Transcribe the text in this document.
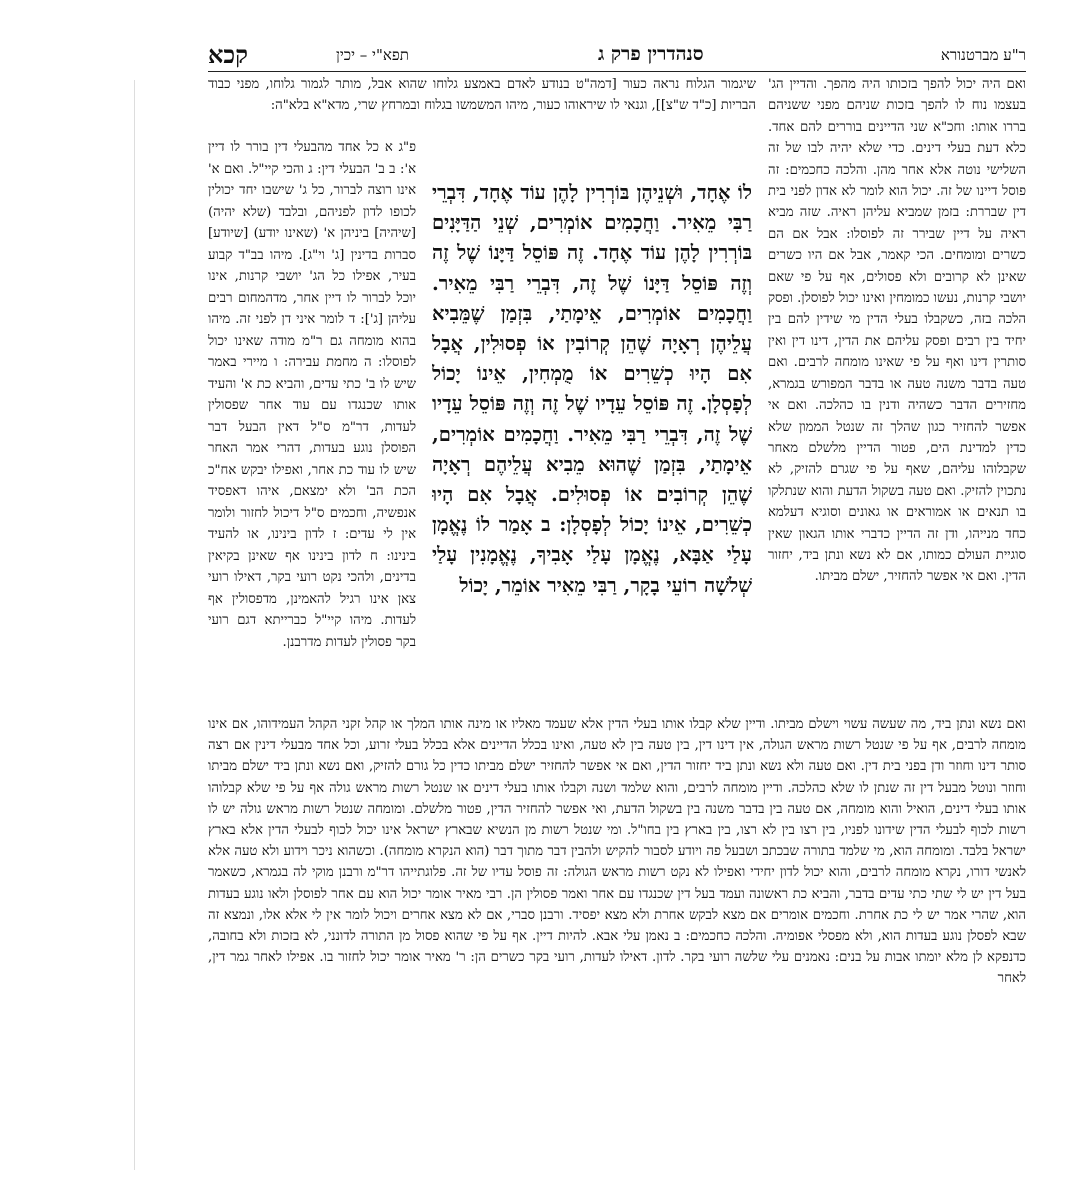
קכא	תפא"י – יכין	סנהדרין פרק ג	ר"ע מברטנורא

ואם היה יכול להפך בזכותו היה מהפך. והדיין הג' בעצמו נוח לו להפך בזכות שניהם מפני ששניהם בררו אותו: וחכ"א שני הדיינים בוררים להם אחד. כלא דעת בעלי דינים. כדי שלא יהיה לבו של זה השלישי נוטה אלא אחר מהן. והלכה כחכמים: זה פוסל דיינו של זה. יכול הוא לומר לא אדון לפני בית דין שבררת: בזמן שמביא עליהן ראיה. שזה מביא ראיה על דיין שבירר זה לפוסלו: אבל אם הם כשרים ומומחים. הכי קאמר, אבל אם היו כשרים שאינן לא קרובים ולא פסולים, אף על פי שאם יושבי קרנות, נעשו כמומחין ואינו יכול לפוסלן. ופסק הלכה בזה, כשקבלו בעלי הדין מי שידין להם בין יחיד בין רבים ופסק עליהם את הדין, דינו דין ואין סותרין דינו ואף על פי שאינו מומחה לרבים. ואם טעה בדבר משנה טעה או בדבר המפורש בגמרא, מחזירים הדבר כשהיה ודנין בו כהלכה. ואם אי אפשר להחזיר כגון שהלך זה שנטל הממון שלא כדין למדינת הים, פטור הדיין מלשלם מאחר שקבלוהו עליהם, שאף על פי שגרם להזיק, לא נתכוין להזיק. ואם טעה בשקול הדעת והוא שנתלקו בו תנאים או אמוראים או גאונים וסוגיא דעלמא כחד מנייהו, ודן זה הדיין כדברי אותו הגאון שאין סוגיית העולם כמותו, אם לא נשא ונתן ביד, יחזור הדין. ואם אי אפשר להחזיר, ישלם מביתו.

שיגמור הגלוח נראה כעור [דמה"ט בנודע לאדם באמצע גלוחו שהוא אבל, מותר לגמור גלוחו, מפני כבוד הבריות [כ"ד ש"צ]], וגנאי לו שיראוהו כעור, מיהו המשמשו בגלוח ובמרחץ שרי, מדא"א בלא"ה:

לוֹ אֶחָד, וּשְׁנֵיהֶן בּוֹרְרִין לָהֶן עוֹד אֶחָד, דִּבְרֵי רַבִּי מֵאִיר. וַחֲכָמִים אוֹמְרִים, שְׁנֵי הַדַּיָּנִים בּוֹרְרִין לָהֶן עוֹד אֶחָד. זֶה פּוֹסֵל דַּיָּנוֹ שֶׁל זֶה וְזֶה פּוֹסֵל דַּיָּנוֹ שֶׁל זֶה, דִּבְרֵי רַבִּי מֵאִיר. וַחֲכָמִים אוֹמְרִים, אֵימָתַי, בִּזְמַן שֶׁמֵּבִיא עֲלֵיהֶן רְאָיָה שֶׁהֵן קְרוֹבִין אוֹ פְסוּלִין, אֲבָל אִם הָיוּ כְשֵׁרִים אוֹ מֻמְחִין, אֵינוֹ יָכוֹל לְפָסְלָן. זֶה פּוֹסֵל עֵדָיו שֶׁל זֶה וְזֶה פּוֹסֵל עֵדָיו שֶׁל זֶה, דִּבְרֵי רַבִּי מֵאִיר. וַחֲכָמִים אוֹמְרִים, אֵימָתַי, בִּזְמַן שֶׁהוּא מֵבִיא עֲלֵיהֶם רְאָיָה שֶׁהֵן קְרוֹבִים אוֹ פְסוּלִים. אֲבָל אִם הָיוּ כְשֵׁרִים, אֵינוֹ יָכוֹל לְפָסְלָן: ב אָמַר לוֹ נֶאֱמָן עָלַי אַבָּא, נֶאֱמָן עָלַי אָבִיךָ, נֶאֱמָנִין עָלַי שְׁלשָׁה רוֹעֵי בָקָר, רַבִּי מֵאִיר אוֹמֵר, יָכוֹל

פ"ג א כל אחד מהבעלי דין בורר לו דיין א': ב ב' הבעלי דין: ג והכי קיי"ל. ואם א' אינו רוצה לברור, כל ג' שישבו יחד יכולין לכופו לדון לפניהם, ובלבד (שלא יהיה) [שיהיה] ביניהן א' (שאינו יודע) [שיודע] סברות בדינין [ג' וי"ג]. מיהו בב"ד קבוע בעיר, אפילו כל הג' יושבי קרנות, אינו יוכל לברור לו דיין אחר, מדהמחום רבים עליהן [ג']: ד לומר איני דן לפני זה. מיהו בהוא מומחה גם ר"מ מודה שאינו יכול לפוסלו: ה מחמת עבירה: ו מיירי באמר שיש לו ב' כתי עדים, והביא כת א' והעיד אותו שכנגדו עם עוד אחר שפסולין לעדות, דר"מ ס"ל דאין הבעל דבר הפוסלן נוגע בעדות, דהרי אמר האחר שיש לו עוד כת אחר, ואפילו יבקש אח"כ הכת הב' ולא ימצאם, איהו דאפסיד אנפשיה, וחכמים ס"ל דיכול לחזור ולומר אין לי עדים: ז לדון בינינו, או להעיד בינינו: ח לדון בינינו אף שאינן בקיאין בדינים, ולהכי נקט רועי בקר, דאילו רועי צאן אינו רגיל להאמינן, מדפסולין אף לעדות. מיהו קיי"ל כברייתא דגם רועי בקר פסולין לעדות מדרבנן.

ואם נשא ונתן ביד, מה שעשה עשוי וישלם מביתו. ודיין שלא קבלו אותו בעלי הדין אלא שעמד מאליו או מינה אותו המלך או קהל זקני הקהל העמידוהו, אם אינו מומחה לרבים, אף על פי שנטל רשות מראש הגולה, אין דינו דין, בין טעה בין לא טעה, ואינו בכלל הדיינים אלא בכלל בעלי זרוע, וכל אחד מבעלי דינין אם רצה סותר דינו וחוזר ודן בפני בית דין. ואם טעה ולא נשא ונתן ביד יחזור הדין, ואם אי אפשר להחזיר ישלם מביתו כדין כל גורם להזיק, ואם נשא ונתן ביד ישלם מביתו וחוזר ונוטל מבעל דין זה שנתן לו שלא כהלכה. ודיין מומחה לרבים, והוא שלמד ושנה וקבלו אותו בעלי דינים או שנטל רשות מראש גולה אף על פי שלא קבלוהו אותו בעלי דינים, הואיל והוא מומחה, אם טעה בין בדבר משנה בין בשקול הדעת, ואי אפשר להחזיר הדין, פטור מלשלם. ומומחה שנטל רשות מראש גולה יש לו רשות לכוף לבעלי הדין שידונו לפניו, בין רצו בין לא רצו, בין בארץ בין בחו"ל. ומי שנטל רשות מן הנשיא שבארץ ישראל אינו יכול לכוף לבעלי הדין אלא בארץ ישראל בלבד. ומומחה הוא, מי שלמד בתורה שבכתב ושבעל פה ויודע לסבור להקיש ולהבין דבר מתוך דבר (הוא הנקרא מומחה). וכשהוא ניכר וידוע ולא טעה אלא לאנשי דורו, נקרא מומחה לרבים, והוא יכול לדון יחידי ואפילו לא נקט רשות מראש הגולה: זה פוסל עדיו של זה. פלוגתייהו דר"מ ורבנן מוקי לה בגמרא, כשאמר בעל דין יש לי שתי כתי עדים בדבר, והביא כת ראשונה ועמד בעל דין שכנגדו עם אחר ואמר פסולין הן. רבי מאיר אומר יכול הוא עם אחר לפוסלן ולאו נוגע בעדות הוא, שהרי אמר יש לי כת אחרת. וחכמים אומרים אם מצא לבקש אחרת ולא מצא יפסיד. ורבנן סברי, אם לא מצא אחרים ויכול לומר אין לי אלא אלו, ונמצא זה שבא לפסלן נוגע בעדות הוא, ולא מפסלי אפומיה. והלכה כחכמים: ב נאמן עלי אבא. להיות דיין. אף על פי שהוא פסול מן התורה לדונני, לא בזכות ולא בחובה, כדנפקא לן מלא יומתו אבות על בנים: נאמנים עלי שלשה רועי בקר. לדון. דאילו לעדות, רועי בקר כשרים הן: ר' מאיר אומר יכול לחזור בו. אפילו לאחר גמר דין, לאחר
